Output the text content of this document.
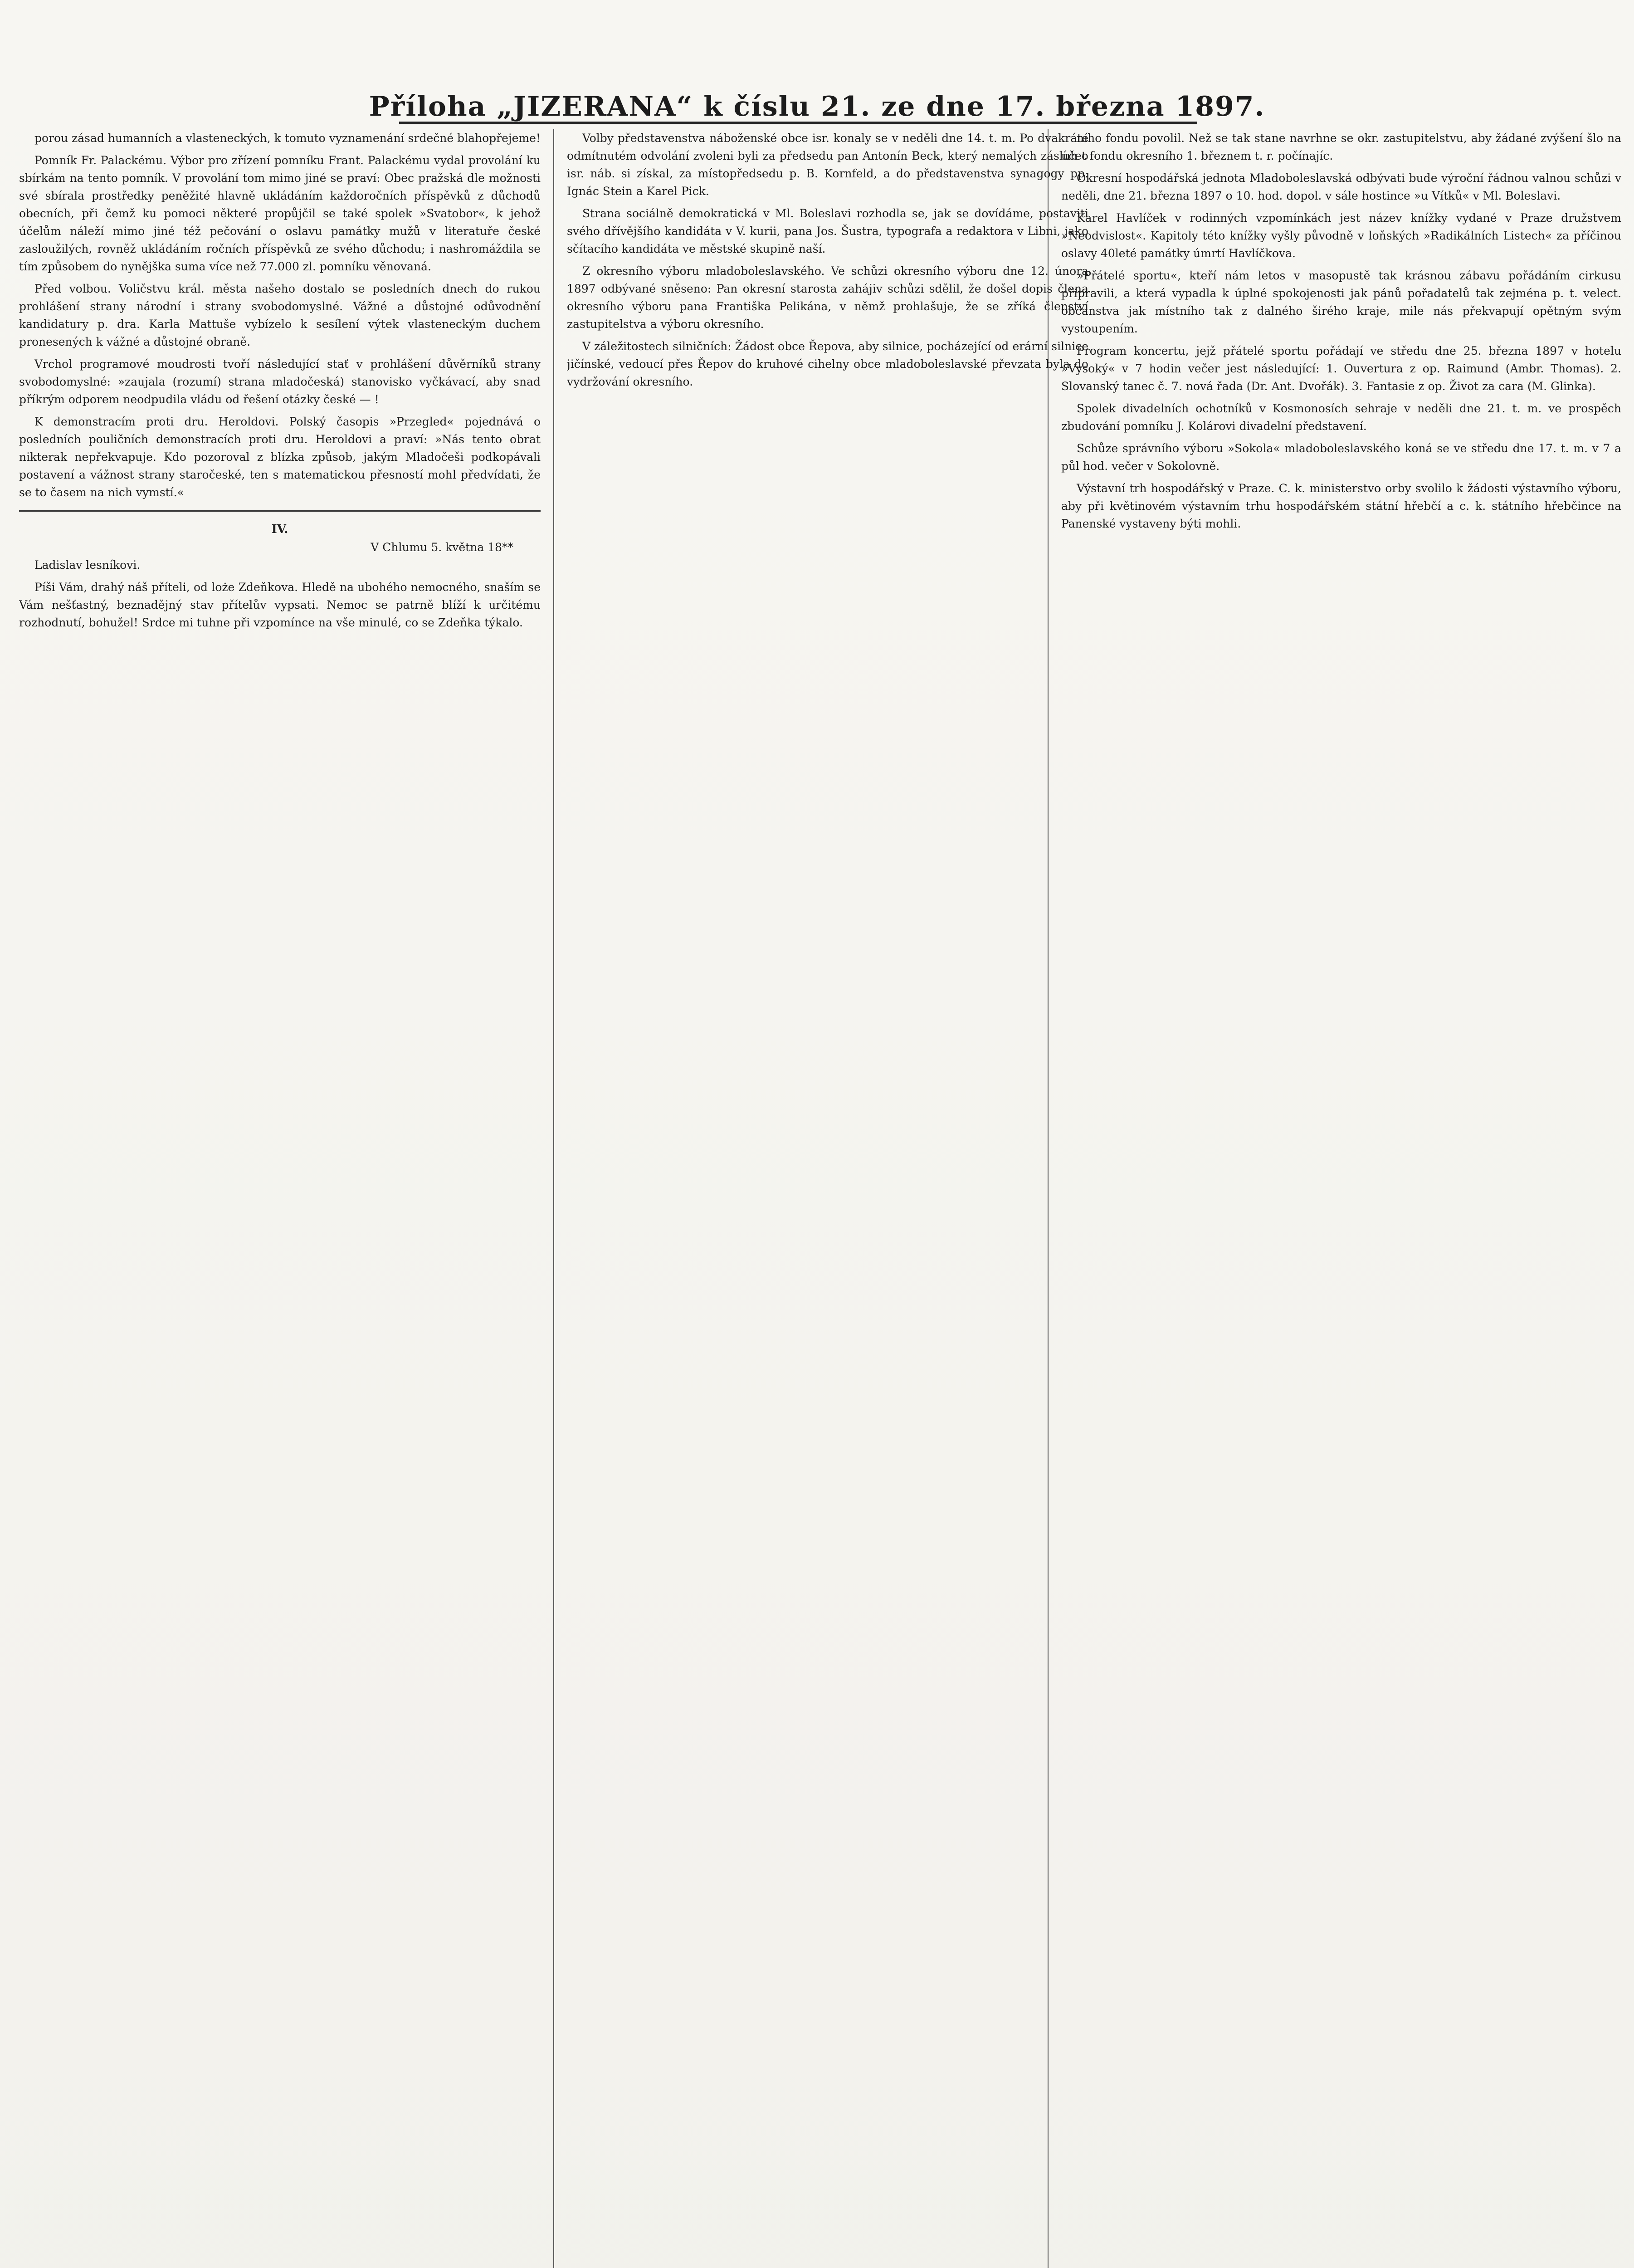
Příloha „JIZERANA“ k číslu 21. ze dne 17. března 1897.

porou zásad humanních a vlasteneckých, k tomuto vyznamenání srdečné blahopřejeme!

Pomník Fr. Palackému. Výbor pro zřízení pomníku Frant. Palackému vydal provolání ku sbírkám na tento pomník. V provolání tom mimo jiné se praví: Obec pražská dle možnosti své sbírala prostředky peněžité hlavně ukládáním každoročních příspěvků z důchodů obecních, při čemž ku pomoci některé propůjčil se také spolek »Svatobor«, k jehož účelům náleží mimo jiné též pečování o oslavu památky mužů v literatuře české zasloužilých, rovněž ukládáním ročních příspěvků ze svého důchodu; i nashromáždila se tím způsobem do nynějška suma více než 77.000 zl. pomníku věnovaná.

Před volbou. Voličstvu král. města našeho dostalo se posledních dnech do rukou prohlášení strany národní i strany svobodomyslné. Vážné a důstojné odůvodnění kandidatury p. dra. Karla Mattuše vybízelo k sesílení výtek vlasteneckým duchem pronesených k vážné a důstojné obraně.

Vrchol programové moudrosti tvoří následující stať v prohlášení důvěrníků strany svobodomyslné: »zaujala (rozumí) strana mladočeská) stanovisko vyčkávací, aby snad příkrým odporem neodpudila vládu od řešení otázky české — !

K demonstracím proti dru. Heroldovi. Polský časopis »Przegled« pojednává o posledních pouličních demonstracích proti dru. Heroldovi a praví: »Nás tento obrat nikterak nepřekvapuje. Kdo pozoroval z blízka způsob, jakým Mladočeši podkopávali postavení a vážnost strany staročeské, ten s matematickou přesností mohl předvídati, že se to časem na nich vymstí.«

IV.
V Chlumu 5. května 18**

Ladislav lesníkovi.

Píši Vám, drahý náš příteli, od loże Zdeňkova. Hledě na ubohého nemocného, snaším se Vám nešťastný, beznadějný stav přítelův vypsati. Nemoc se patrně blíží k určitému rozhodnutí, bohužel! Srdce mi tuhne při vzpomínce na vše minulé, co se Zdeňka týkalo.

Volby představenstva náboženské obce isr. konaly se v neděli dne 14. t. m. Po dvakráte odmítnutém odvolání zvoleni byli za předsedu pan Antonín Beck, který nemalých zásluh o isr. náb. si získal, za místopředsedu p. B. Kornfeld, a do představenstva synagogy pp. Ignác Stein a Karel Pick.

Strana sociálně demokratická v Ml. Boleslavi rozhodla se, jak se dovídáme, postaviti svého dřívějšího kandidáta v V. kurii, pana Jos. Šustra, typografa a redaktora v Libni, jako sčítacího kandidáta ve městské skupině naší.

Z okresního výboru mladoboleslavského. Ve schůzi okresního výboru dne 12. února 1897 odbývané sněseno: Pan okresní starosta zahájiv schůzi sdělil, že došel dopis člena okresního výboru pana Františka Pelikána, v němž prohlašuje, že se zříká členství zastupitelstva a výboru okresního.

V záležitostech silničních: Žádost obce Řepova, aby silnice, pocházející od erární silnice jičínské, vedoucí přes Řepov do kruhové cihelny obce mladoboleslavské převzata byla do vydržování okresního.

ního fondu povolil. Než se tak stane navrhne se okr. zastupitelstvu, aby žádané zvýšení šlo na účet fondu okresního 1. březnem t. r. počínajíc.

Okresní hospodářská jednota Mladoboleslavská odbývati bude výroční řádnou valnou schůzi v neděli, dne 21. března 1897 o 10. hod. dopol. v sále hostince »u Vítků« v Ml. Boleslavi.

Karel Havlíček v rodinných vzpomínkách jest název knížky vydané v Praze družstvem »Neodvislost«. Kapitoly této knížky vyšly původně v loňských »Radikálních Listech« za příčinou oslavy 40leté památky úmrtí Havlíčkova.

»Přátelé sportu«, kteří nám letos v masopustě tak krásnou zábavu pořádáním cirkusu připravili, a která vypadla k úplné spokojenosti jak pánů pořadatelů tak zejména p. t. velect. občanstva jak místního tak z dalného širého kraje, mile nás překvapují opětným svým vystoupením.

Program koncertu, jejž přátelé sportu pořádají ve středu dne 25. března 1897 v hotelu »Vysoký« v 7 hodin večer jest následující: 1. Ouvertura z op. Raimund (Ambr. Thomas). 2. Slovanský tanec č. 7. nová řada (Dr. Ant. Dvořák). 3. Fantasie z op. Život za cara (M. Glinka).

Spolek divadelních ochotníků v Kosmonosích sehraje v neděli dne 21. t. m. ve prospěch zbudování pomníku J. Kolárovi divadelní představení.

Schůze správního výboru »Sokola« mladoboleslavského koná se ve středu dne 17. t. m. v 7 a půl hod. večer v Sokolovně.

Výstavní trh hospodářský v Praze. C. k. ministerstvo orby svolilo k žádosti výstavního výboru, aby při květinovém výstavním trhu hospodářském státní hřebčí a c. k. státního hřebčince na Panenské vystaveny býti mohli.
